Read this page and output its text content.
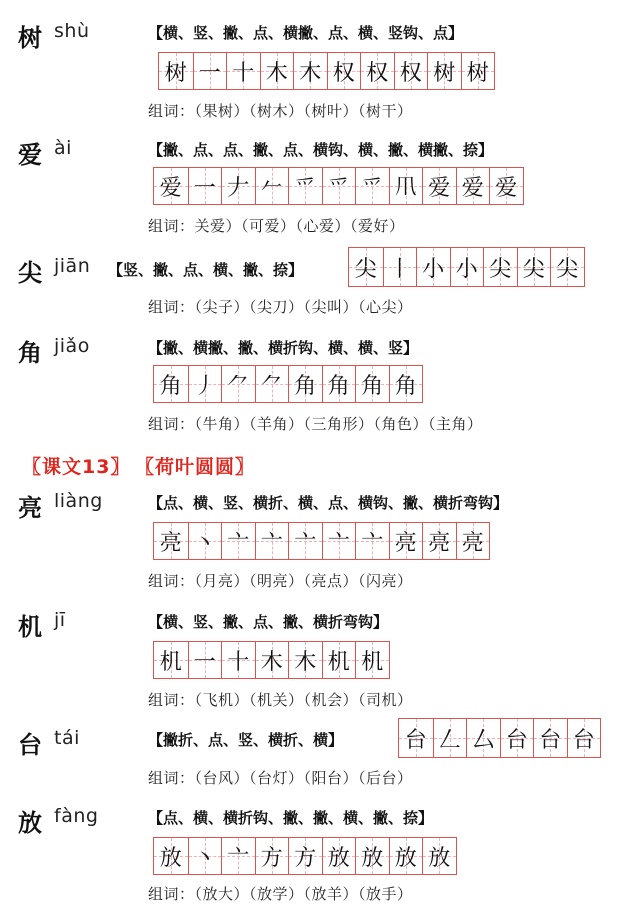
树 shù	【横、竖、撇、点、横撇、点、横、竖钩、点】
树 一 十 木 木 权 权 权 树 树
组词：（果树）（树木）（树叶）（树干）
爱 ài	【撇、点、点、撇、点、横钩、横、撇、横撇、捺】
爱 一 𠂇 𠂉 爫 爫 爫 𤓯 爱 爱 爱
组词：关爱）（可爱）（心爱）（爱好）
尖 jiān 【竖、撇、点、横、撇、捺】 尖 丨 小 小 尖 尖 尖
组词：（尖子）（尖刀）（尖叫）（心尖）
角 jiǎo	【撇、横撇、撇、横折钩、横、横、竖】
角 丿 ⺈ ⺈ 角 角 角 角
组词：（牛角）（羊角）（三角形）（角色）（主角）
〖课文13〗 〖荷叶圆圆〗
亮 liàng	【点、横、竖、横折、横、点、横钩、撇、横折弯钩】
亮 丶 亠 亠 亠 亠 亠 亮 亮 亮
组词：（月亮）（明亮）（亮点）（闪亮）
机 jī	【横、竖、撇、点、撇、横折弯钩】
机 一 十 木 木 机 机
组词：（飞机）（机关）（机会）（司机）
台 tái	【撇折、点、竖、横折、横】	台 𠃋 厶 台 台 台
组词：（台风）（台灯）（阳台）（后台）
放 fàng	【点、横、横折钩、撇、撇、横、撇、捺】
放 丶 亠 方 方 放 放 放 放
组词：（放大）（放学）（放羊）（放手）
